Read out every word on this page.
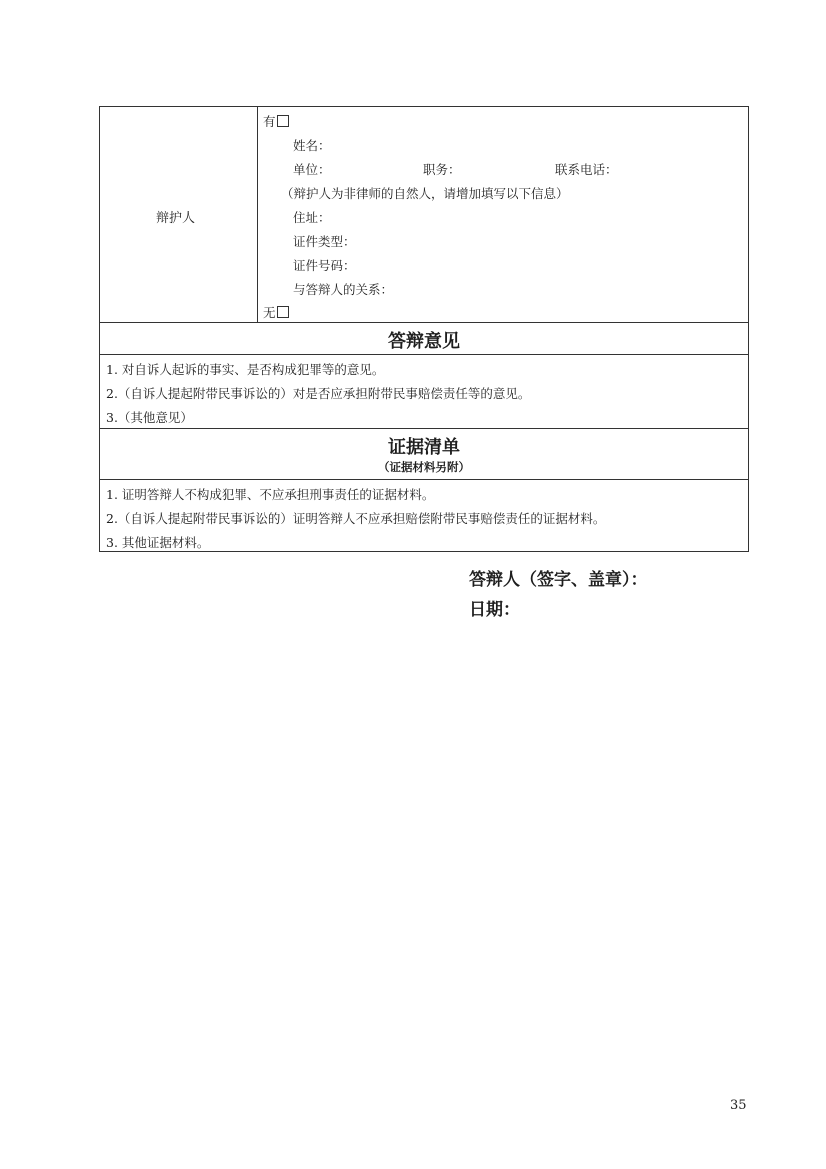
辩护人
有
姓名：
单位：	职务：	联系电话：
（辩护人为非律师的自然人，请增加填写以下信息）
住址：
证件类型：
证件号码：
与答辩人的关系：
无
答辩意见
1. 对自诉人起诉的事实、是否构成犯罪等的意见。
2.（自诉人提起附带民事诉讼的）对是否应承担附带民事赔偿责任等的意见。
3.（其他意见）
证据清单
（证据材料另附）
1. 证明答辩人不构成犯罪、不应承担刑事责任的证据材料。
2.（自诉人提起附带民事诉讼的）证明答辩人不应承担赔偿附带民事赔偿责任的证据材料。
3. 其他证据材料。
答辩人（签字、盖章）：
日期：
35
